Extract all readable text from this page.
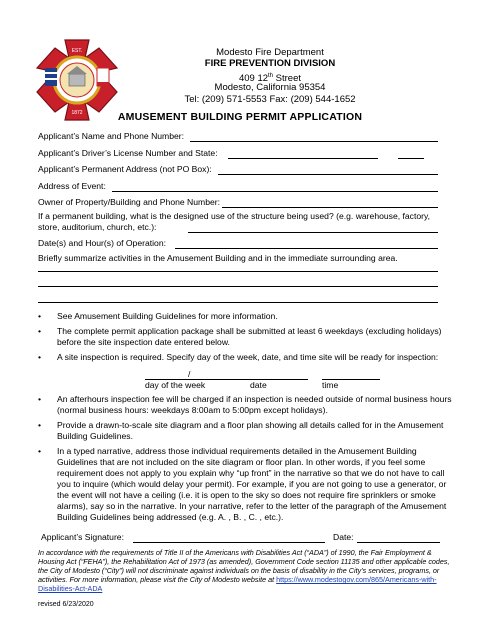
EST.
1872
Modesto Fire Department
FIRE PREVENTION DIVISION
409 12th Street
Modesto, California 95354
Tel: (209) 571-5553 Fax: (209) 544-1652
AMUSEMENT BUILDING PERMIT APPLICATION
Applicant’s Name and Phone Number:
Applicant’s Driver’s License Number and State:
Applicant’s Permanent Address (not PO Box):
Address of Event:
Owner of Property/Building and Phone Number:
If a permanent building, what is the designed use of the structure being used? (e.g. warehouse, factory, store, auditorium, church, etc.):
Date(s) and Hour(s) of Operation:
Briefly summarize activities in the Amusement Building and in the immediate surrounding area.
•	See Amusement Building Guidelines for more information.
•	The complete permit application package shall be submitted at least 6 weekdays (excluding holidays) before the site inspection date entered below.
•	A site inspection is required. Specify day of the week, date, and time site will be ready for inspection:
/
day of the week	date	time
•	An afterhours inspection fee will be charged if an inspection is needed outside of normal business hours (normal business hours: weekdays 8:00am to 5:00pm except holidays).
•	Provide a drawn-to-scale site diagram and a floor plan showing all details called for in the Amusement Building Guidelines.
•	In a typed narrative, address those individual requirements detailed in the Amusement Building Guidelines that are not included on the site diagram or floor plan. In other words, if you feel some requirement does not apply to you explain why “up front” in the narrative so that we do not have to call you to inquire (which would delay your permit). For example, if you are not going to use a generator, or the event will not have a ceiling (i.e. it is open to the sky so does not require fire sprinklers or smoke alarms), say so in the narrative. In your narrative, refer to the letter of the paragraph of the Amusement Building Guidelines being addressed (e.g. A. , B. , C. , etc.).
Applicant’s Signature:	Date:
In accordance with the requirements of Title II of the Americans with Disabilities Act (“ADA”) of 1990, the Fair Employment & Housing Act (“FEHA”), the Rehabilitation Act of 1973 (as amended), Government Code section 11135 and other applicable codes, the City of Modesto (“City”) will not discriminate against individuals on the basis of disability in the City’s services, programs, or activities. For more information, please visit the City of Modesto website at https://www.modestogov.com/865/Americans-with-Disabilities-Act-ADA
revised 6/23/2020
